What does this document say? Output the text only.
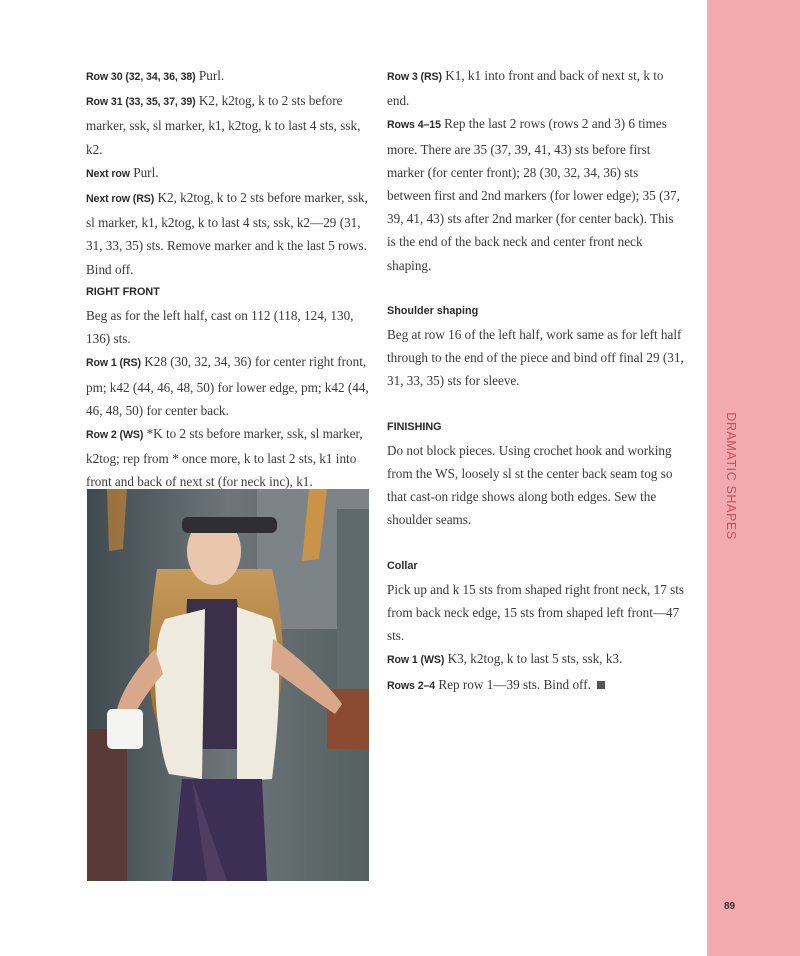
Row 30 (32, 34, 36, 38) Purl.

Row 31 (33, 35, 37, 39) K2, k2tog, k to 2 sts before marker, ssk, sl marker, k1, k2tog, k to last 4 sts, ssk, k2.

Next row Purl.

Next row (RS) K2, k2tog, k to 2 sts before marker, ssk, sl marker, k1, k2tog, k to last 4 sts, ssk, k2—29 (31, 31, 33, 35) sts. Remove marker and k the last 5 rows. Bind off.

RIGHT FRONT

Beg as for the left half, cast on 112 (118, 124, 130, 136) sts.

Row 1 (RS) K28 (30, 32, 34, 36) for center right front, pm; k42 (44, 46, 48, 50) for lower edge, pm; k42 (44, 46, 48, 50) for center back.

Row 2 (WS) *K to 2 sts before marker, ssk, sl marker, k2tog; rep from * once more, k to last 2 sts, k1 into front and back of next st (for neck inc), k1.

Row 3 (RS) K1, k1 into front and back of next st, k to end.

Rows 4–15 Rep the last 2 rows (rows 2 and 3) 6 times more. There are 35 (37, 39, 41, 43) sts before first marker (for center front); 28 (30, 32, 34, 36) sts between first and 2nd markers (for lower edge); 35 (37, 39, 41, 43) sts after 2nd marker (for center back). This is the end of the back neck and center front neck shaping.

Shoulder shaping

Beg at row 16 of the left half, work same as for left half through to the end of the piece and bind off final 29 (31, 31, 33, 35) sts for sleeve.

FINISHING

Do not block pieces. Using crochet hook and working from the WS, loosely sl st the center back seam tog so that cast-on ridge shows along both edges. Sew the shoulder seams.

Collar

Pick up and k 15 sts from shaped right front neck, 17 sts from back neck edge, 15 sts from shaped left front—47 sts.

Row 1 (WS) K3, k2tog, k to last 5 sts, ssk, k3.

Rows 2–4 Rep row 1—39 sts. Bind off.

DRAMATIC SHAPES
89
